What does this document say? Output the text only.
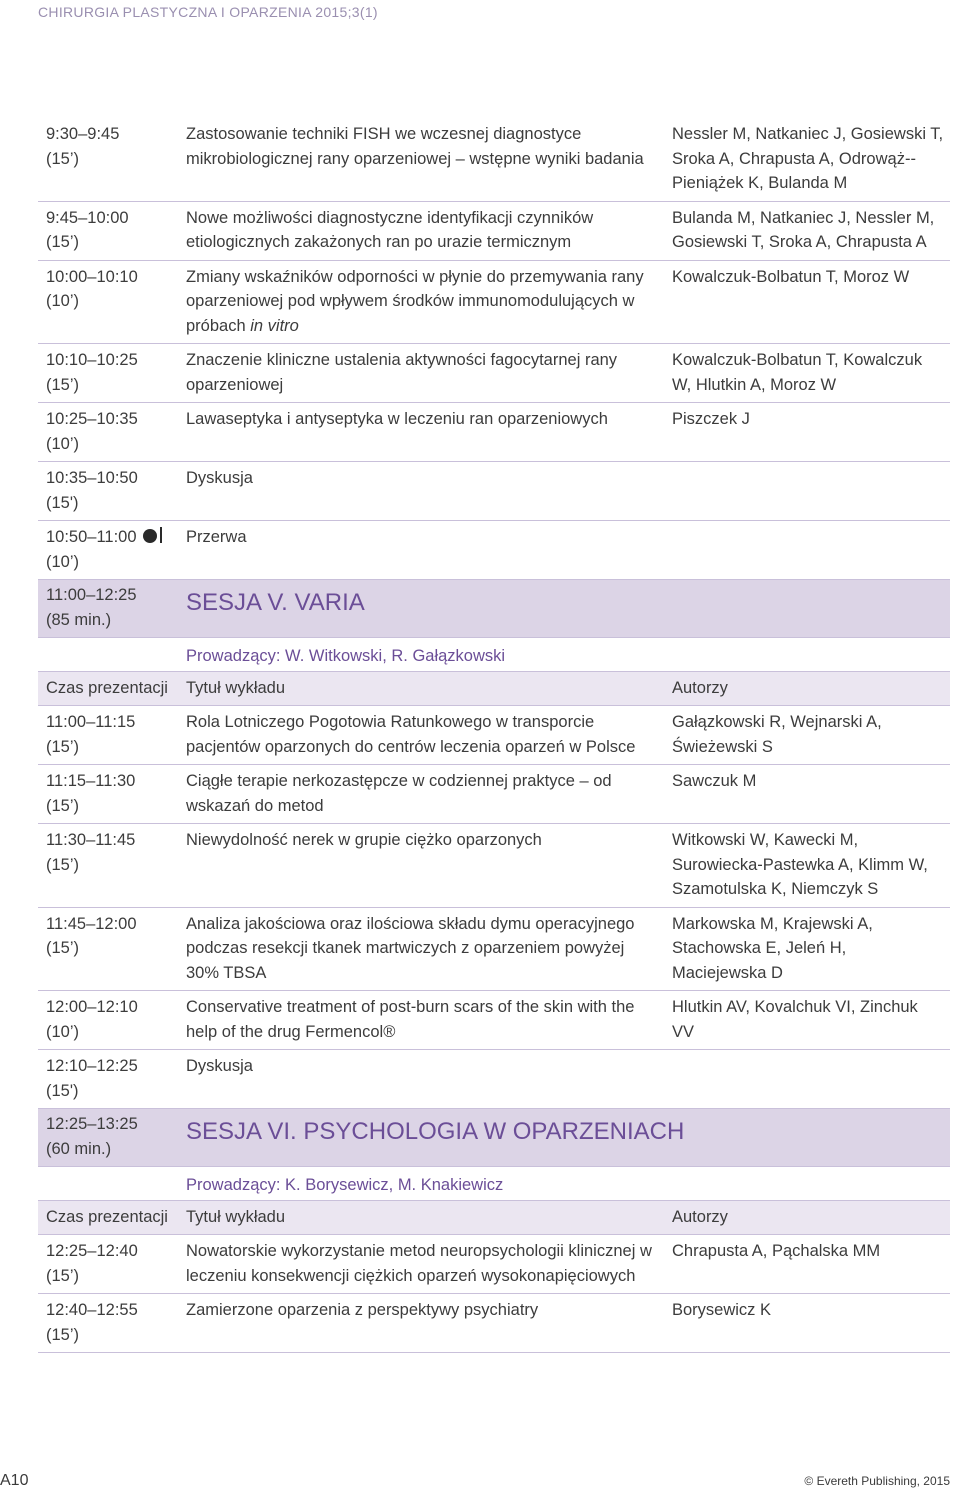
CHIRURGIA PLASTYCZNA I OPARZENIA 2015;3(1)
9:30–9:45
(15’)	Zastosowanie techniki FISH we wczesnej diagnostyce mikrobiologicznej rany oparzeniowej – wstępne wyniki badania	Nessler M, Natkaniec J, Gosiewski T, Sroka A, Chrapusta A, Odrowąż--Pieniążek K, Bulanda M

9:45–10:00
(15’)	Nowe możliwości diagnostyczne identyfikacji czynników etiologicznych zakażonych ran po urazie termicznym	Bulanda M, Natkaniec J, Nessler M, Gosiewski T, Sroka A, Chrapusta A

10:00–10:10
(10’)	Zmiany wskaźników odporności w płynie do przemywania rany oparzeniowej pod wpływem środków immunomodulujących w próbach in vitro	Kowalczuk-Bolbatun T, Moroz W

10:10–10:25
(15’)	Znaczenie kliniczne ustalenia aktywności fagocytarnej rany oparzeniowej	Kowalczuk-Bolbatun T, Kowalczuk W, Hlutkin A, Moroz W

10:25–10:35
(10’)	Lawaseptyka i antyseptyka w leczeniu ran oparzeniowych	Piszczek J

10:35–10:50
(15')	Dyskusja	

10:50–11:00
(10’)	Przerwa	

11:00–12:25
(85 min.)	SESJA V. VARIA	
	Prowadzący: W. Witkowski, R. Gałązkowski	
Czas prezentacji	Tytuł wykładu	Autorzy

11:00–11:15
(15’)	Rola Lotniczego Pogotowia Ratunkowego w transporcie pacjentów oparzonych do centrów leczenia oparzeń w Polsce	Gałązkowski R, Wejnarski A, Świeżewski S

11:15–11:30
(15’)	Ciągłe terapie nerkozastępcze w codziennej praktyce – od wskazań do metod	Sawczuk M

11:30–11:45
(15’)	Niewydolność nerek w grupie ciężko oparzonych	Witkowski W, Kawecki M, Surowiecka-Pastewka A, Klimm W, Szamotulska K, Niemczyk S

11:45–12:00
(15’)	Analiza jakościowa oraz ilościowa składu dymu operacyjnego podczas resekcji tkanek martwiczych z oparzeniem powyżej 30% TBSA	Markowska M, Krajewski A, Stachowska E, Jeleń H, Maciejewska D

12:00–12:10
(10’)	Conservative treatment of post-burn scars of the skin with the help of the drug Fermencol®	Hlutkin AV, Kovalchuk VI, Zinchuk VV

12:10–12:25
(15')	Dyskusja	

12:25–13:25
(60 min.)	SESJA VI. PSYCHOLOGIA W OPARZENIACH	
	Prowadzący: K. Borysewicz, M. Knakiewicz	
Czas prezentacji	Tytuł wykładu	Autorzy

12:25–12:40
(15’)	Nowatorskie wykorzystanie metod neuropsychologii klinicznej w leczeniu konsekwencji ciężkich oparzeń wysokonapięciowych	Chrapusta A, Pąchalska MM

12:40–12:55
(15’)	Zamierzone oparzenia z perspektywy psychiatry	Borysewicz K
A10	© Evereth Publishing, 2015
